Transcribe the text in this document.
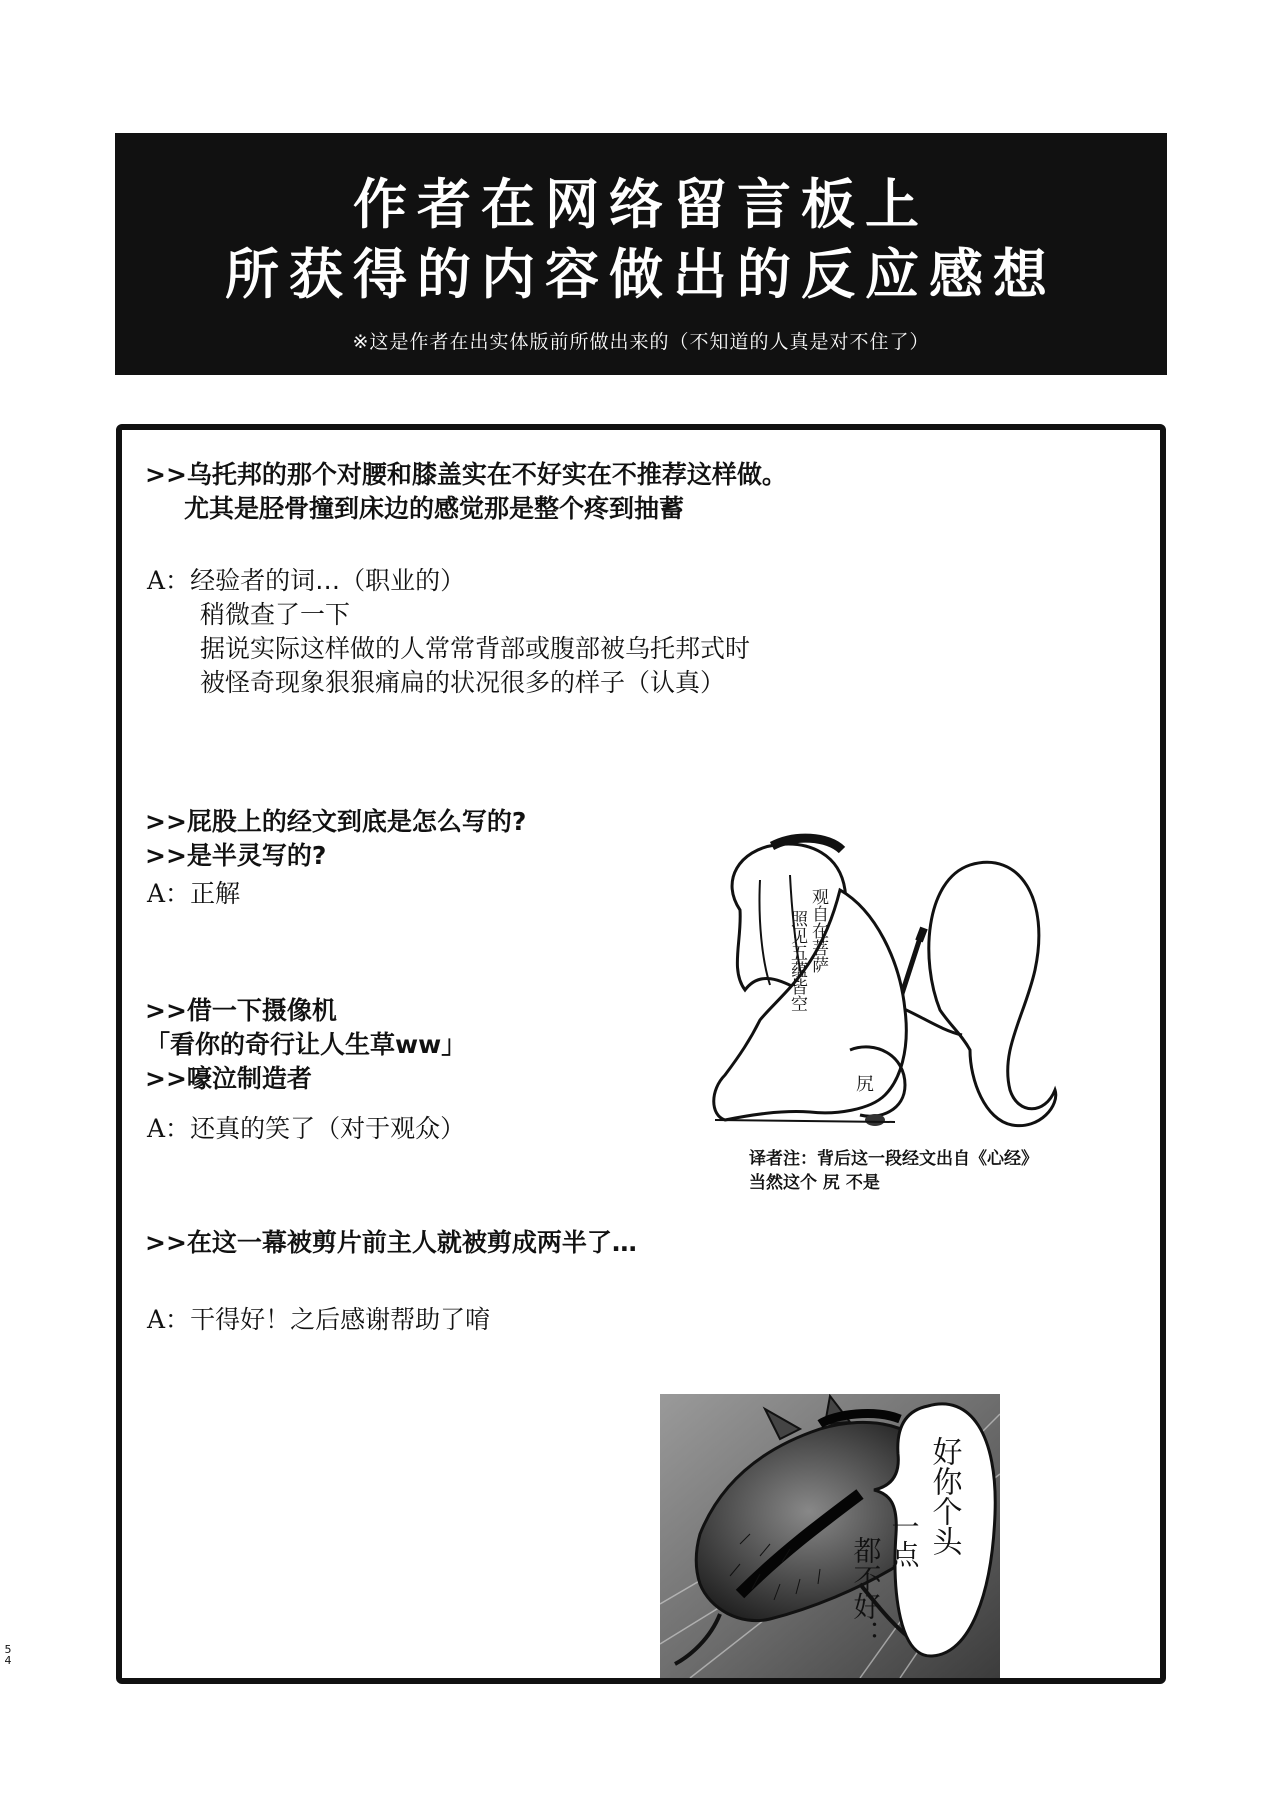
作者在网络留言板上
所获得的内容做出的反应感想
※这是作者在出实体版前所做出来的（不知道的人真是对不住了）
>>乌托邦的那个对腰和膝盖实在不好实在不推荐这样做。
尤其是胫骨撞到床边的感觉那是整个疼到抽蓄
A：经验者的词…（职业的）
稍微查了一下
据说实际这样做的人常常背部或腹部被乌托邦式时
被怪奇现象狠狠痛扁的状况很多的样子（认真）
>>屁股上的经文到底是怎么写的?
>>是半灵写的?
A：正解
>>借一下摄像机
「看你的奇行让人生草ww」
>>嚎泣制造者
A：还真的笑了（对于观众）
>>在这一幕被剪片前主人就被剪成两半了…
A：干得好！之后感谢帮助了唷
观自在菩萨
照见五蕴皆空
尻
译者注：背后这一段经文出自《心经》
当然这个 尻 不是
好你个头
一点
都不好：
5
4
